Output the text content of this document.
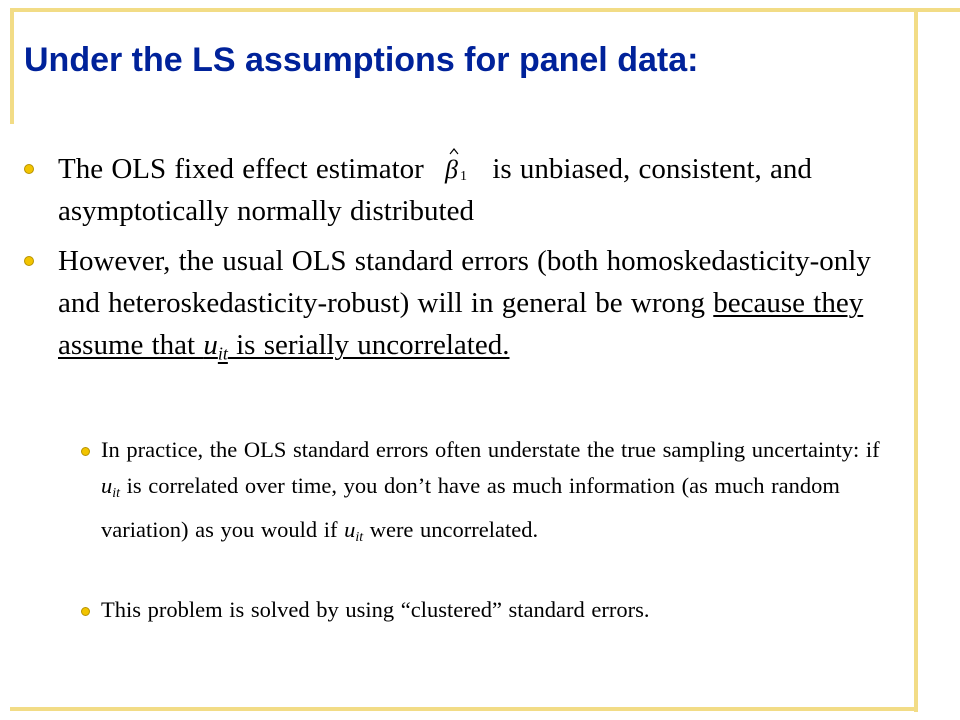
Under the LS assumptions for panel data:
The OLS fixed effect estimator β 1 is unbiased, consistent, and asymptotically normally distributed
However, the usual OLS standard errors (both homoskedasticity-only and heteroskedasticity-robust) will in general be wrong because they assume that $u_{it}$ is serially uncorrelated.
In practice, the OLS standard errors often understate the true sampling uncertainty: if $u_{it}$ is correlated over time, you don’t have as much information (as much random variation) as you would if $u_{it}$ were uncorrelated.
This problem is solved by using “clustered” standard errors.
